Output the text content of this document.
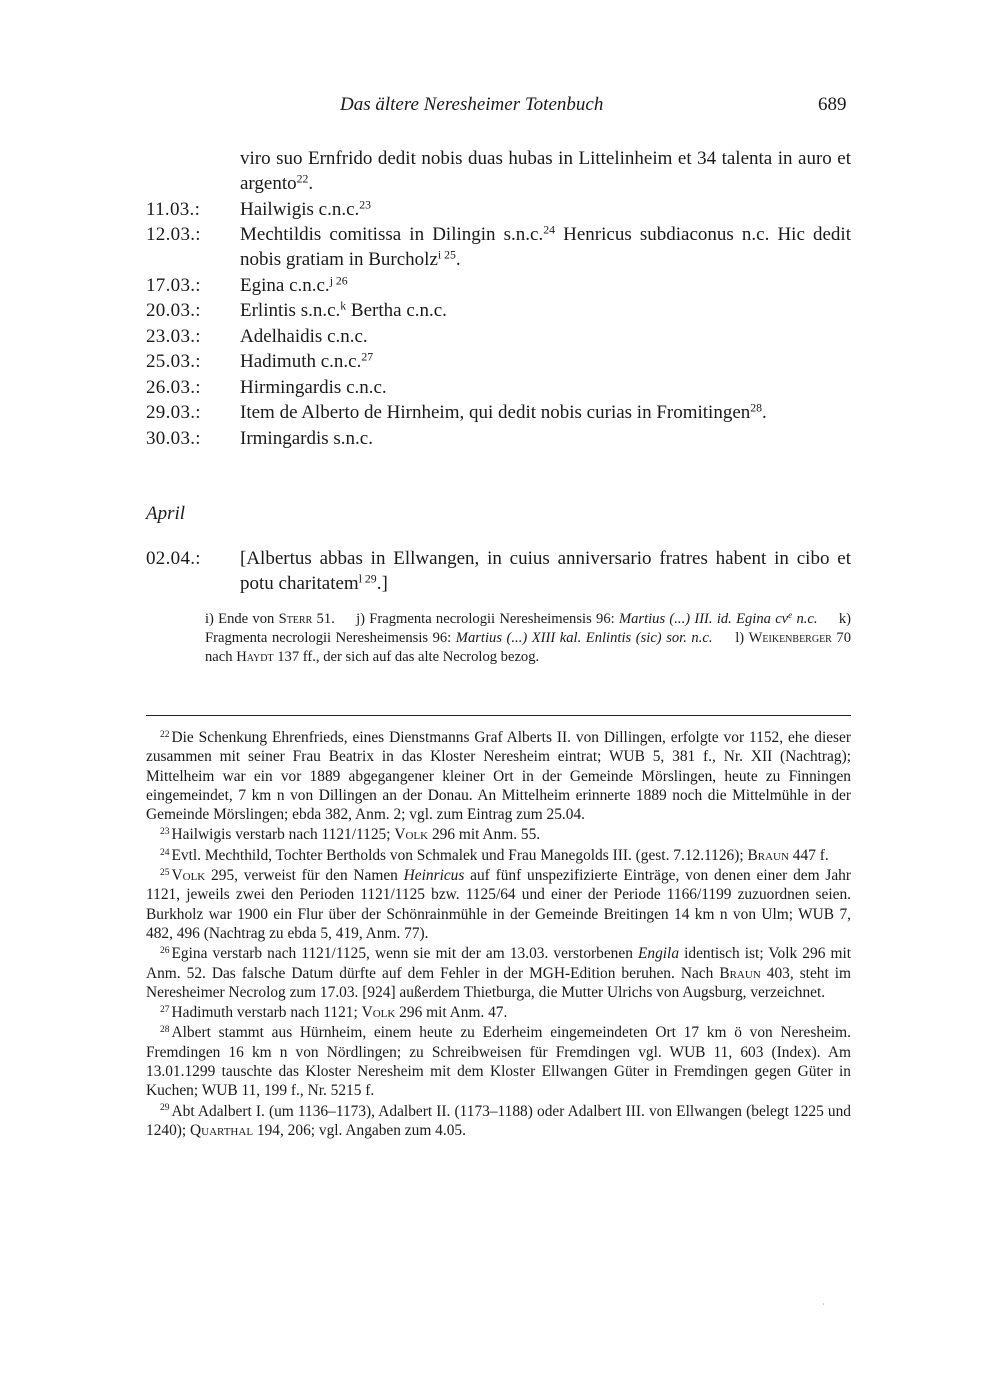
Das ältere Neresheimer Totenbuch	689
viro suo Ernfrido dedit nobis duas hubas in Littelinheim et 34 talenta in auro et argento$^{22}$.
11.03.:	Hailwigis c.n.c.$^{23}$
12.03.:	Mechtildis comitissa in Dilingin s.n.c.$^{24}$ Henricus subdiaconus n.c. Hic dedit nobis gratiam in Burcholz$^{i 25}$.
17.03.:	Egina c.n.c.$^{j 26}$
20.03.:	Erlintis s.n.c.$^k$ Bertha c.n.c.
23.03.:	Adelhaidis c.n.c.
25.03.:	Hadimuth c.n.c.$^{27}$
26.03.:	Hirmingardis c.n.c.
29.03.:	Item de Alberto de Hirnheim, qui dedit nobis curias in Fromitingen$^{28}$.
30.03.:	Irmingardis s.n.c.
April
02.04.:	[Albertus abbas in Ellwangen, in cuius anniversario fratres habent in cibo et potu charitatem$^{l 29}$.]
i) Ende von Sterr 51. j) Fragmenta necrologii Neresheimensis 96: Martius (...) III. id. Egina $cv^e$ n.c. k) Fragmenta necrologii Neresheimensis 96: Martius (...) XIII kal. Enlintis (sic) sor. n.c. l) Weikenberger 70 nach Haydt 137 ff., der sich auf das alte Necrolog bezog.

$^{22}$ Die Schenkung Ehrenfrieds, eines Dienstmanns Graf Alberts II. von Dillingen, erfolgte vor 1152, ehe dieser zusammen mit seiner Frau Beatrix in das Kloster Neresheim eintrat; WUB 5, 381 f., Nr. XII (Nachtrag); Mittelheim war ein vor 1889 abgegangener kleiner Ort in der Gemeinde Mörslingen, heute zu Finningen eingemeindet, 7 km n von Dillingen an der Donau. An Mittelheim erinnerte 1889 noch die Mittelmühle in der Gemeinde Mörslingen; ebda 382, Anm. 2; vgl. zum Eintrag zum 25.04.

$^{23}$ Hailwigis verstarb nach 1121/1125; Volk 296 mit Anm. 55.

$^{24}$ Evtl. Mechthild, Tochter Bertholds von Schmalek und Frau Manegolds III. (gest. 7.12.1126); Braun 447 f.

$^{25}$ Volk 295, verweist für den Namen Heinricus auf fünf unspezifizierte Einträge, von denen einer dem Jahr 1121, jeweils zwei den Perioden 1121/1125 bzw. 1125/64 und einer der Periode 1166/1199 zuzuordnen seien. Burkholz war 1900 ein Flur über der Schönrainmühle in der Gemeinde Breitingen 14 km n von Ulm; WUB 7, 482, 496 (Nachtrag zu ebda 5, 419, Anm. 77).

$^{26}$ Egina verstarb nach 1121/1125, wenn sie mit der am 13.03. verstorbenen Engila identisch ist; Volk 296 mit Anm. 52. Das falsche Datum dürfte auf dem Fehler in der MGH-Edition beruhen. Nach Braun 403, steht im Neresheimer Necrolog zum 17.03. [924] außerdem Thietburga, die Mutter Ulrichs von Augsburg, verzeichnet.

$^{27}$ Hadimuth verstarb nach 1121; Volk 296 mit Anm. 47.

$^{28}$ Albert stammt aus Hürnheim, einem heute zu Ederheim eingemeindeten Ort 17 km ö von Neresheim. Fremdingen 16 km n von Nördlingen; zu Schreibweisen für Fremdingen vgl. WUB 11, 603 (Index). Am 13.01.1299 tauschte das Kloster Neresheim mit dem Kloster Ellwangen Güter in Fremdingen gegen Güter in Kuchen; WUB 11, 199 f., Nr. 5215 f.

$^{29}$ Abt Adalbert I. (um 1136–1173), Adalbert II. (1173–1188) oder Adalbert III. von Ellwangen (belegt 1225 und 1240); Quarthal 194, 206; vgl. Angaben zum 4.05.

·
